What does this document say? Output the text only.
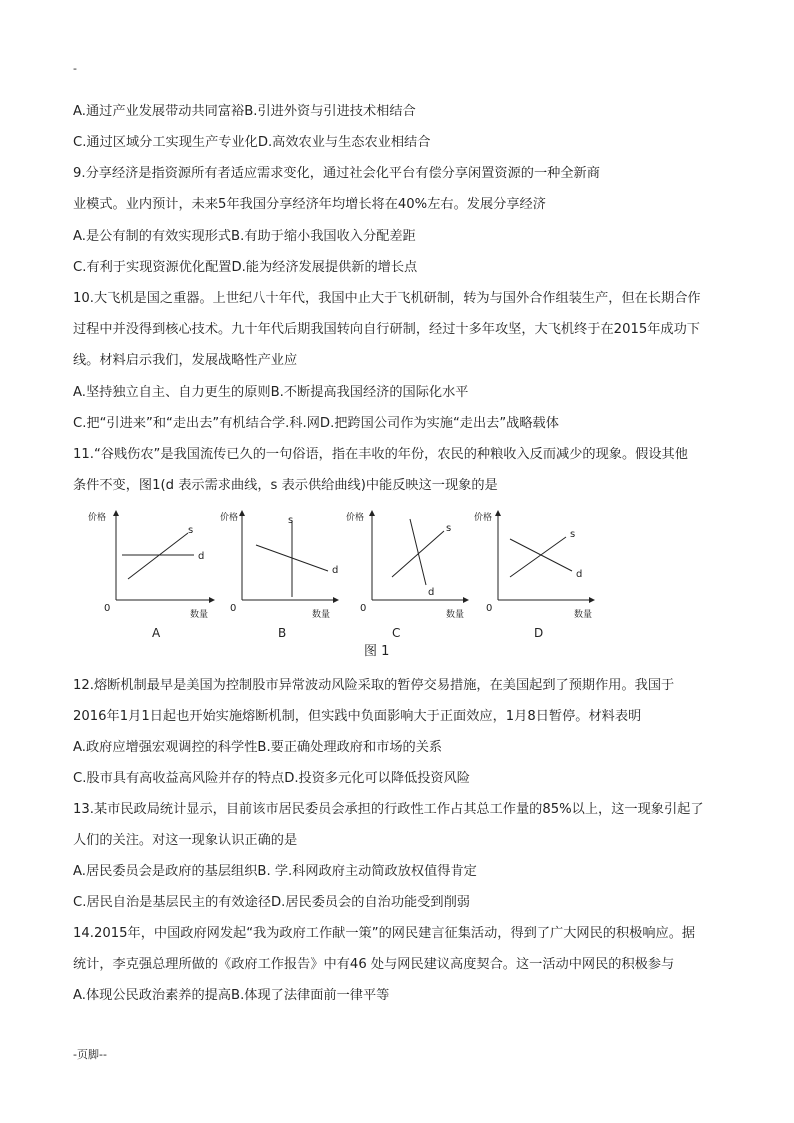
-
A.通过产业发展带动共同富裕B.引进外资与引进技术相结合
C.通过区域分工实现生产专业化D.高效农业与生态农业相结合
9.分享经济是指资源所有者适应需求变化，通过社会化平台有偿分享闲置资源的一种全新商
业模式。业内预计，未来5年我国分享经济年均增长将在40%左右。发展分享经济
A.是公有制的有效实现形式B.有助于缩小我国收入分配差距
C.有利于实现资源优化配置D.能为经济发展提供新的增长点
10.大飞机是国之重器。上世纪八十年代，我国中止大于飞机研制，转为与国外合作组装生产，但在长期合作
过程中并没得到核心技术。九十年代后期我国转向自行研制，经过十多年攻坚，大飞机终于在2015年成功下
线。材料启示我们，发展战略性产业应
A.坚持独立自主、自力更生的原则B.不断提高我国经济的国际化水平
C.把“引进来”和“走出去”有机结合学.科.网D.把跨国公司作为实施“走出去”战略载体
11.“谷贱伤农”是我国流传已久的一句俗语，指在丰收的年份，农民的种粮收入反而减少的现象。假设其他
条件不变，图1(d 表示需求曲线，s 表示供给曲线)中能反映这一现象的是
价格
数量
0
s
d
A
价格
数量
0
s
d
B
价格
数量
0
s
d
C
价格
数量
0
s
d
D
图 1
12.熔断机制最早是美国为控制股市异常波动风险采取的暂停交易措施，在美国起到了预期作用。我国于
2016年1月1日起也开始实施熔断机制，但实践中负面影响大于正面效应，1月8日暂停。材料表明
A.政府应增强宏观调控的科学性B.要正确处理政府和市场的关系
C.股市具有高收益高风险并存的特点D.投资多元化可以降低投资风险
13.某市民政局统计显示，目前该市居民委员会承担的行政性工作占其总工作量的85%以上，这一现象引起了
人们的关注。对这一现象认识正确的是
A.居民委员会是政府的基层组织B. 学.科网政府主动简政放权值得肯定
C.居民自治是基层民主的有效途径D.居民委员会的自治功能受到削弱
14.2015年，中国政府网发起“我为政府工作献一策”的网民建言征集活动，得到了广大网民的积极响应。据
统计，李克强总理所做的《政府工作报告》中有46 处与网民建议高度契合。这一活动中网民的积极参与
A.体现公民政治素养的提高B.体现了法律面前一律平等
-页脚--
